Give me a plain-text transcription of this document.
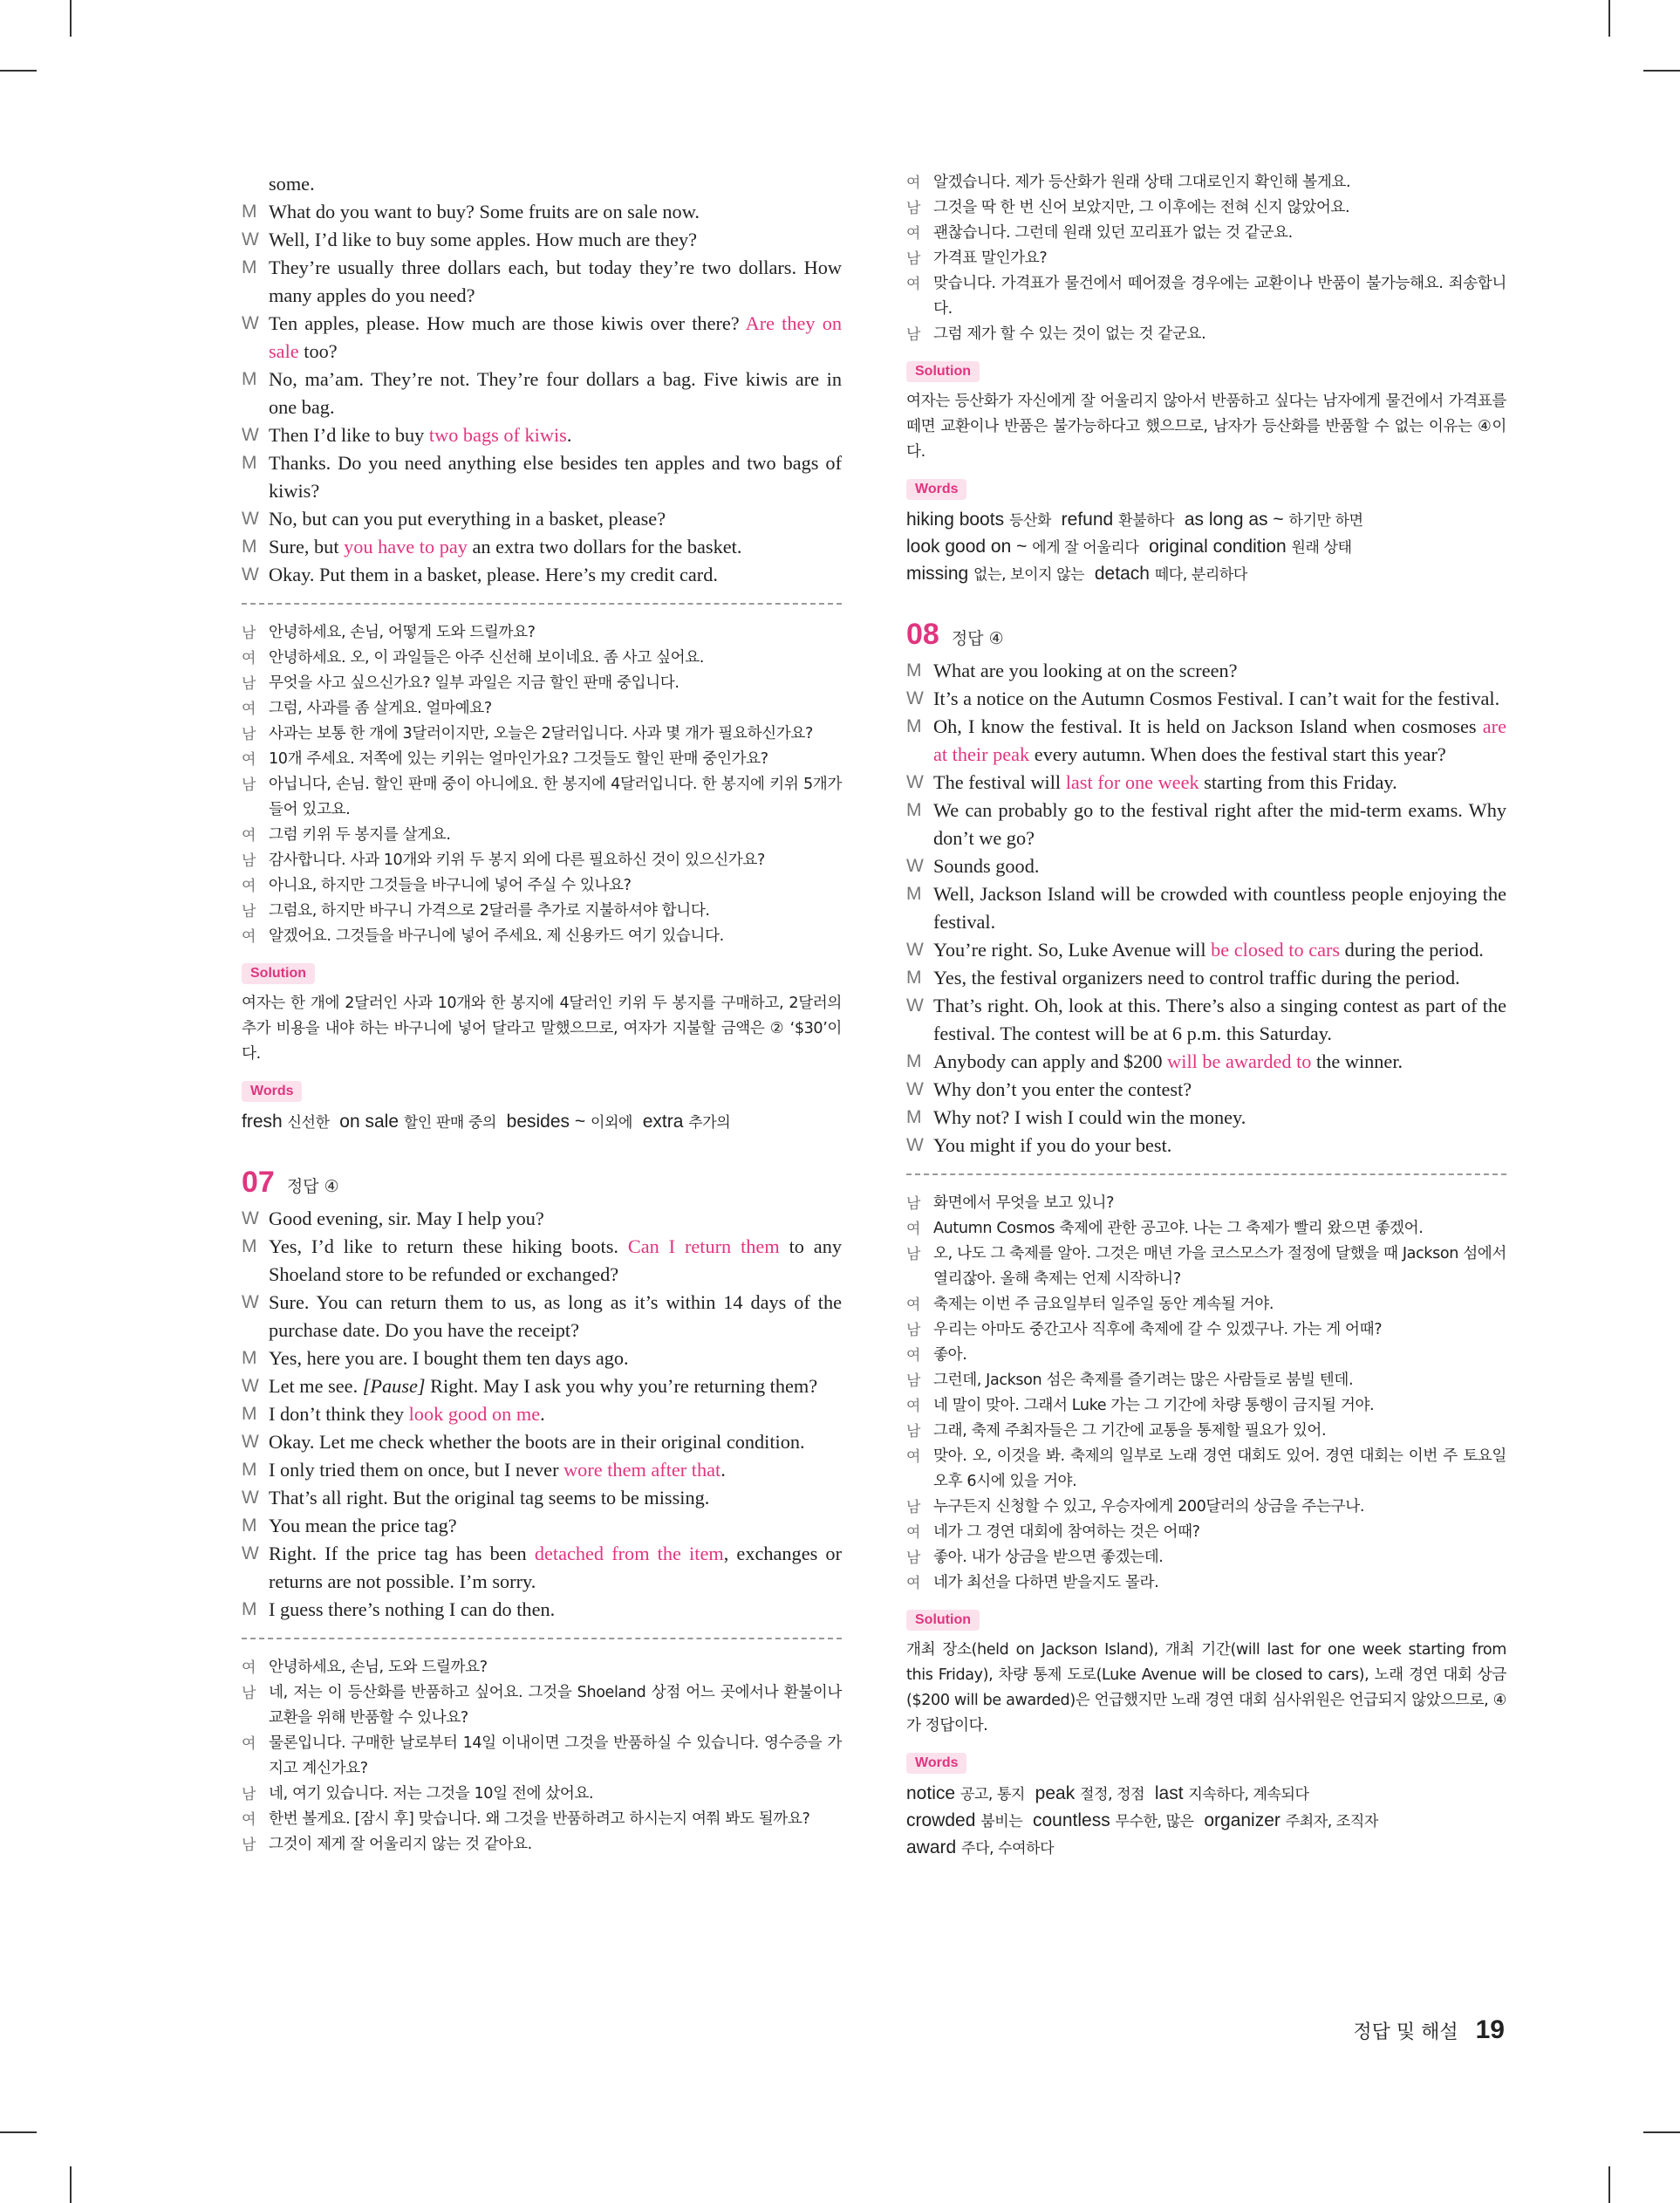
some.
M What do you want to buy? Some fruits are on sale now.
W Well, I’d like to buy some apples. How much are they?
M They’re usually three dollars each, but today they’re two dollars. How many apples do you need?
W Ten apples, please. How much are those kiwis over there? Are they on sale too?
M No, ma’am. They’re not. They’re four dollars a bag. Five kiwis are in one bag.
W Then I’d like to buy two bags of kiwis.
M Thanks. Do you need anything else besides ten apples and two bags of kiwis?
W No, but can you put everything in a basket, please?
M Sure, but you have to pay an extra two dollars for the basket.
W Okay. Put them in a basket, please. Here’s my credit card.
남 안녕하세요, 손님, 어떻게 도와 드릴까요?
여 안녕하세요. 오, 이 과일들은 아주 신선해 보이네요. 좀 사고 싶어요.
남 무엇을 사고 싶으신가요? 일부 과일은 지금 할인 판매 중입니다.
여 그럼, 사과를 좀 살게요. 얼마예요?
남 사과는 보통 한 개에 3달러이지만, 오늘은 2달러입니다. 사과 몇 개가 필요하신가요?
여 10개 주세요. 저쪽에 있는 키위는 얼마인가요? 그것들도 할인 판매 중인가요?
남 아닙니다, 손님. 할인 판매 중이 아니에요. 한 봉지에 4달러입니다. 한 봉지에 키위 5개가 들어 있고요.
여 그럼 키위 두 봉지를 살게요.
남 감사합니다. 사과 10개와 키위 두 봉지 외에 다른 필요하신 것이 있으신가요?
여 아니요, 하지만 그것들을 바구니에 넣어 주실 수 있나요?
남 그럼요, 하지만 바구니 가격으로 2달러를 추가로 지불하셔야 합니다.
여 알겠어요. 그것들을 바구니에 넣어 주세요. 제 신용카드 여기 있습니다.
Solution
여자는 한 개에 2달러인 사과 10개와 한 봉지에 4달러인 키위 두 봉지를 구매하고, 2달러의 추가 비용을 내야 하는 바구니에 넣어 달라고 말했으므로, 여자가 지불할 금액은 ② ‘$30’이다.
Words
fresh 신선한 on sale 할인 판매 중의 besides ~ 이외에 extra 추가의
07 정답 ④
W Good evening, sir. May I help you?
M Yes, I’d like to return these hiking boots. Can I return them to any Shoeland store to be refunded or exchanged?
W Sure. You can return them to us, as long as it’s within 14 days of the purchase date. Do you have the receipt?
M Yes, here you are. I bought them ten days ago.
W Let me see. [Pause] Right. May I ask you why you’re returning them?
M I don’t think they look good on me.
W Okay. Let me check whether the boots are in their original condition.
M I only tried them on once, but I never wore them after that.
W That’s all right. But the original tag seems to be missing.
M You mean the price tag?
W Right. If the price tag has been detached from the item, exchanges or returns are not possible. I’m sorry.
M I guess there’s nothing I can do then.
여 안녕하세요, 손님, 도와 드릴까요?
남 네, 저는 이 등산화를 반품하고 싶어요. 그것을 Shoeland 상점 어느 곳에서나 환불이나 교환을 위해 반품할 수 있나요?
여 물론입니다. 구매한 날로부터 14일 이내이면 그것을 반품하실 수 있습니다. 영수증을 가지고 계신가요?
남 네, 여기 있습니다. 저는 그것을 10일 전에 샀어요.
여 한번 볼게요. [잠시 후] 맞습니다. 왜 그것을 반품하려고 하시는지 여쭤 봐도 될까요?
남 그것이 제게 잘 어울리지 않는 것 같아요.
여 알겠습니다. 제가 등산화가 원래 상태 그대로인지 확인해 볼게요.
남 그것을 딱 한 번 신어 보았지만, 그 이후에는 전혀 신지 않았어요.
여 괜찮습니다. 그런데 원래 있던 꼬리표가 없는 것 같군요.
남 가격표 말인가요?
여 맞습니다. 가격표가 물건에서 떼어졌을 경우에는 교환이나 반품이 불가능해요. 죄송합니다.
남 그럼 제가 할 수 있는 것이 없는 것 같군요.
Solution
여자는 등산화가 자신에게 잘 어울리지 않아서 반품하고 싶다는 남자에게 물건에서 가격표를 떼면 교환이나 반품은 불가능하다고 했으므로, 남자가 등산화를 반품할 수 없는 이유는 ④이다.
Words
hiking boots 등산화 refund 환불하다 as long as ~ 하기만 하면
look good on ~ 에게 잘 어울리다 original condition 원래 상태
missing 없는, 보이지 않는 detach 떼다, 분리하다
08 정답 ④
M What are you looking at on the screen?
W It’s a notice on the Autumn Cosmos Festival. I can’t wait for the festival.
M Oh, I know the festival. It is held on Jackson Island when cosmoses are at their peak every autumn. When does the festival start this year?
W The festival will last for one week starting from this Friday.
M We can probably go to the festival right after the mid-term exams. Why don’t we go?
W Sounds good.
M Well, Jackson Island will be crowded with countless people enjoying the festival.
W You’re right. So, Luke Avenue will be closed to cars during the period.
M Yes, the festival organizers need to control traffic during the period.
W That’s right. Oh, look at this. There’s also a singing contest as part of the festival. The contest will be at 6 p.m. this Saturday.
M Anybody can apply and $200 will be awarded to the winner.
W Why don’t you enter the contest?
M Why not? I wish I could win the money.
W You might if you do your best.
남 화면에서 무엇을 보고 있니?
여 Autumn Cosmos 축제에 관한 공고야. 나는 그 축제가 빨리 왔으면 좋겠어.
남 오, 나도 그 축제를 알아. 그것은 매년 가을 코스모스가 절정에 달했을 때 Jackson 섬에서 열리잖아. 올해 축제는 언제 시작하니?
여 축제는 이번 주 금요일부터 일주일 동안 계속될 거야.
남 우리는 아마도 중간고사 직후에 축제에 갈 수 있겠구나. 가는 게 어때?
여 좋아.
남 그런데, Jackson 섬은 축제를 즐기려는 많은 사람들로 붐빌 텐데.
여 네 말이 맞아. 그래서 Luke 가는 그 기간에 차량 통행이 금지될 거야.
남 그래, 축제 주최자들은 그 기간에 교통을 통제할 필요가 있어.
여 맞아. 오, 이것을 봐. 축제의 일부로 노래 경연 대회도 있어. 경연 대회는 이번 주 토요일 오후 6시에 있을 거야.
남 누구든지 신청할 수 있고, 우승자에게 200달러의 상금을 주는구나.
여 네가 그 경연 대회에 참여하는 것은 어때?
남 좋아. 내가 상금을 받으면 좋겠는데.
여 네가 최선을 다하면 받을지도 몰라.
Solution
개최 장소(held on Jackson Island), 개최 기간(will last for one week starting from this Friday), 차량 통제 도로(Luke Avenue will be closed to cars), 노래 경연 대회 상금($200 will be awarded)은 언급했지만 노래 경연 대회 심사위원은 언급되지 않았으므로, ④가 정답이다.
Words
notice 공고, 통지 peak 절정, 정점 last 지속하다, 계속되다
crowded 붐비는 countless 무수한, 많은 organizer 주최자, 조직자
award 주다, 수여하다
정답 및 해설 19
